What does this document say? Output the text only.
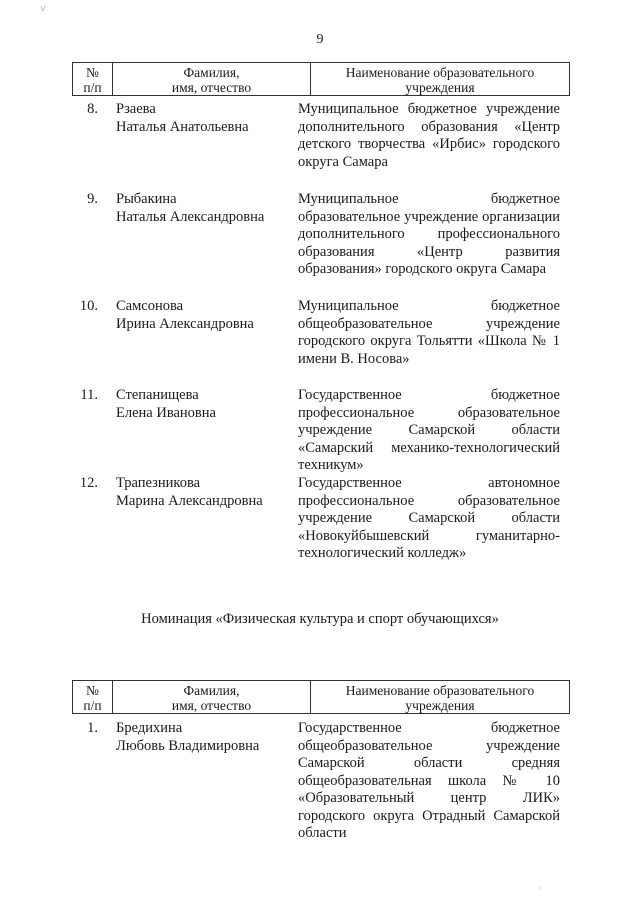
˅
9
№
п/п
Фамилия,
имя, отчество
Наименование образовательного
учреждения
8. Рзаева
Наталья Анатольевна
Муниципальное бюджетное учреждение дополнительного образования «Центр детского творчества «Ирбис» городского округа Самара
9. Рыбакина
Наталья Александровна
Муниципальное бюджетное образовательное учреждение организации дополнительного профессионального образования «Центр развития образования» городского округа Самара
10. Самсонова
Ирина Александровна
Муниципальное бюджетное общеобразовательное учреждение городского округа Тольятти «Школа № 1 имени В. Носова»
11. Степанищева
Елена Ивановна
Государственное бюджетное профессиональное образовательное учреждение Самарской области «Самарский механико-технологический техникум»
12. Трапезникова
Марина Александровна
Государственное автономное профессиональное образовательное учреждение Самарской области «Новокуйбышевский гуманитарно-технологический колледж»
Номинация «Физическая культура и спорт обучающихся»
№
п/п
Фамилия,
имя, отчество
Наименование образовательного
учреждения
1. Бредихина
Любовь Владимировна
Государственное бюджетное общеобразовательное учреждение Самарской области средняя общеобразовательная школа № 10 «Образовательный центр ЛИК» городского округа Отрадный Самарской области
·
